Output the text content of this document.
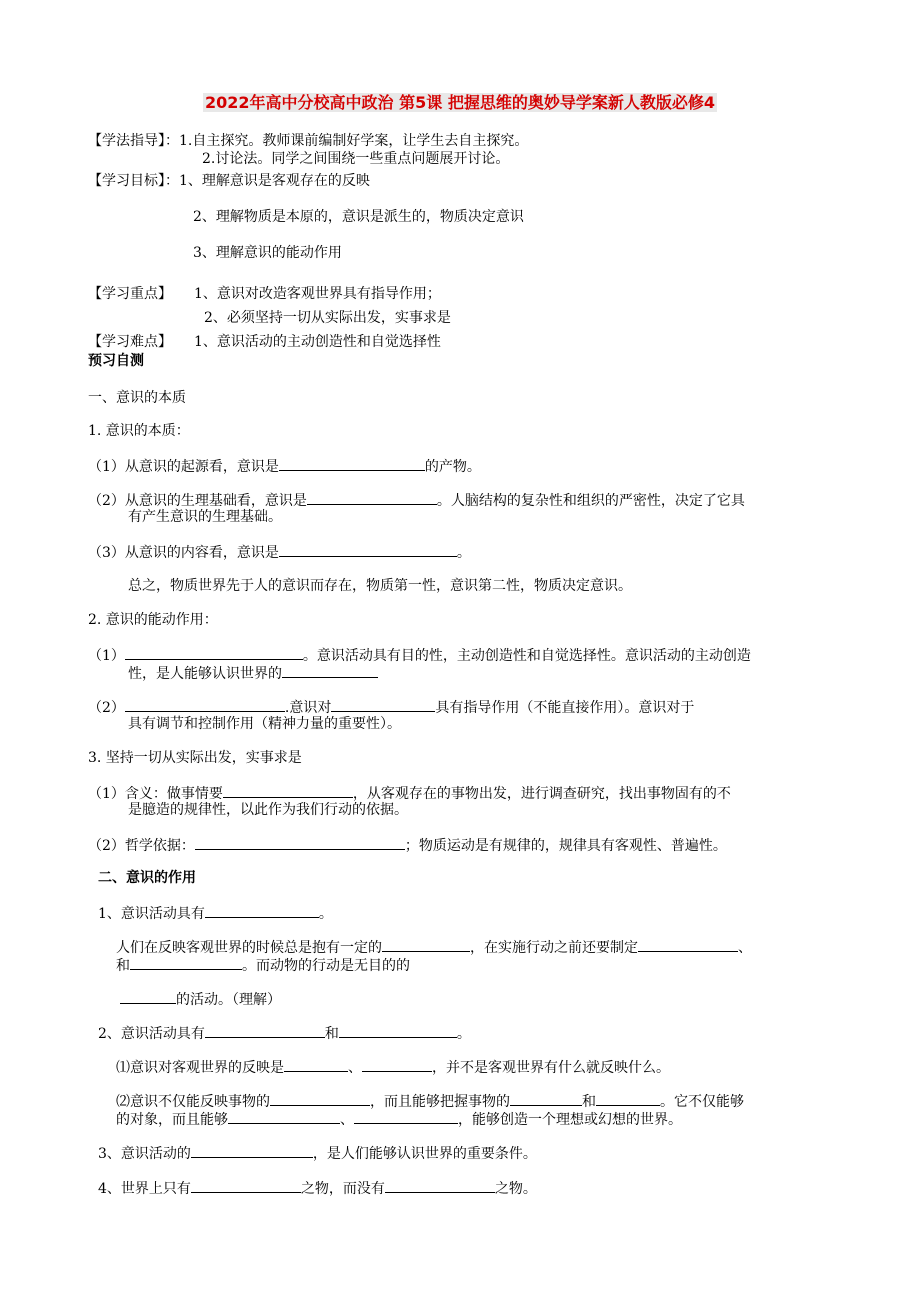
2022年高中分校高中政治 第5课 把握思维的奥妙导学案新人教版必修4
【学法指导】：1.自主探究。教师课前编制好学案，让学生去自主探究。
2.讨论法。同学之间围绕一些重点问题展开讨论。
【学习目标】：1、理解意识是客观存在的反映
2、理解物质是本原的，意识是派生的，物质决定意识
3、理解意识的能动作用
【学习重点】 1、意识对改造客观世界具有指导作用；
2、必须坚持一切从实际出发，实事求是
【学习难点】 1、意识活动的主动创造性和自觉选择性
预习自测
一、意识的本质
1. 意识的本质：
（1）从意识的起源看，意识是	的产物。
（2）从意识的生理基础看，意识是	。人脑结构的复杂性和组织的严密性，决定了它具
有产生意识的生理基础。
（3）从意识的内容看，意识是	。
总之，物质世界先于人的意识而存在，物质第一性，意识第二性，物质决定意识。
2. 意识的能动作用：
（1）	。意识活动具有目的性，主动创造性和自觉选择性。意识活动的主动创造
性，是人能够认识世界的
（2）	.意识对	具有指导作用（不能直接作用）。意识对于
具有调节和控制作用（精神力量的重要性）。
3. 坚持一切从实际出发，实事求是
（1）含义：做事情要	，从客观存在的事物出发，进行调查研究，找出事物固有的不
是臆造的规律性，以此作为我们行动的依据。
（2）哲学依据：	；物质运动是有规律的，规律具有客观性、普遍性。
二、意识的作用
1、意识活动具有	。
人们在反映客观世界的时候总是抱有一定的	，在实施行动之前还要制定	、
和	。而动物的行动是无目的的
的活动。（理解）
2、意识活动具有	和	。
⑴意识对客观世界的反映是	、	，并不是客观世界有什么就反映什么。
⑵意识不仅能反映事物的	，而且能够把握事物的	和	。它不仅能够
的对象，而且能够	、	，能够创造一个理想或幻想的世界。
3、意识活动的	，是人们能够认识世界的重要条件。
4、世界上只有	之物，而没有	之物。
